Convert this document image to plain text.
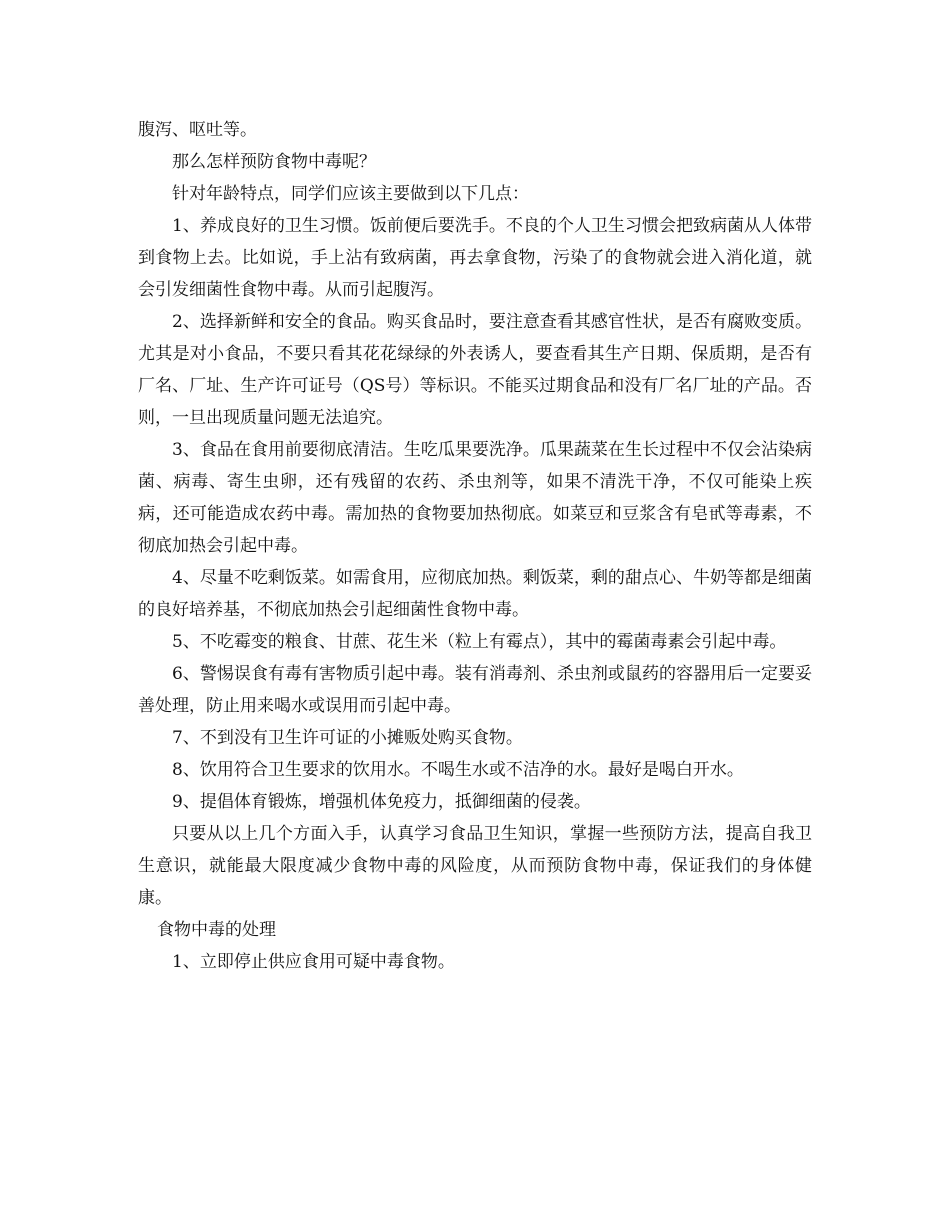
腹泻、呕吐等。

那么怎样预防食物中毒呢？

针对年龄特点，同学们应该主要做到以下几点：

1、养成良好的卫生习惯。饭前便后要洗手。不良的个人卫生习惯会把致病菌从人体带到食物上去。比如说，手上沾有致病菌，再去拿食物，污染了的食物就会进入消化道，就会引发细菌性食物中毒。从而引起腹泻。

2、选择新鲜和安全的食品。购买食品时，要注意查看其感官性状，是否有腐败变质。尤其是对小食品，不要只看其花花绿绿的外表诱人，要查看其生产日期、保质期，是否有厂名、厂址、生产许可证号（QS号）等标识。不能买过期食品和没有厂名厂址的产品。否则，一旦出现质量问题无法追究。

3、食品在食用前要彻底清洁。生吃瓜果要洗净。瓜果蔬菜在生长过程中不仅会沾染病菌、病毒、寄生虫卵，还有残留的农药、杀虫剂等，如果不清洗干净，不仅可能染上疾病，还可能造成农药中毒。需加热的食物要加热彻底。如菜豆和豆浆含有皂甙等毒素，不彻底加热会引起中毒。

4、尽量不吃剩饭菜。如需食用，应彻底加热。剩饭菜，剩的甜点心、牛奶等都是细菌的良好培养基，不彻底加热会引起细菌性食物中毒。

5、不吃霉变的粮食、甘蔗、花生米（粒上有霉点），其中的霉菌毒素会引起中毒。

6、警惕误食有毒有害物质引起中毒。装有消毒剂、杀虫剂或鼠药的容器用后一定要妥善处理，防止用来喝水或误用而引起中毒。

7、不到没有卫生许可证的小摊贩处购买食物。

8、饮用符合卫生要求的饮用水。不喝生水或不洁净的水。最好是喝白开水。

9、提倡体育锻炼，增强机体免疫力，抵御细菌的侵袭。

只要从以上几个方面入手，认真学习食品卫生知识，掌握一些预防方法，提高自我卫生意识，就能最大限度减少食物中毒的风险度，从而预防食物中毒，保证我们的身体健康。

食物中毒的处理

1、立即停止供应食用可疑中毒食物。
